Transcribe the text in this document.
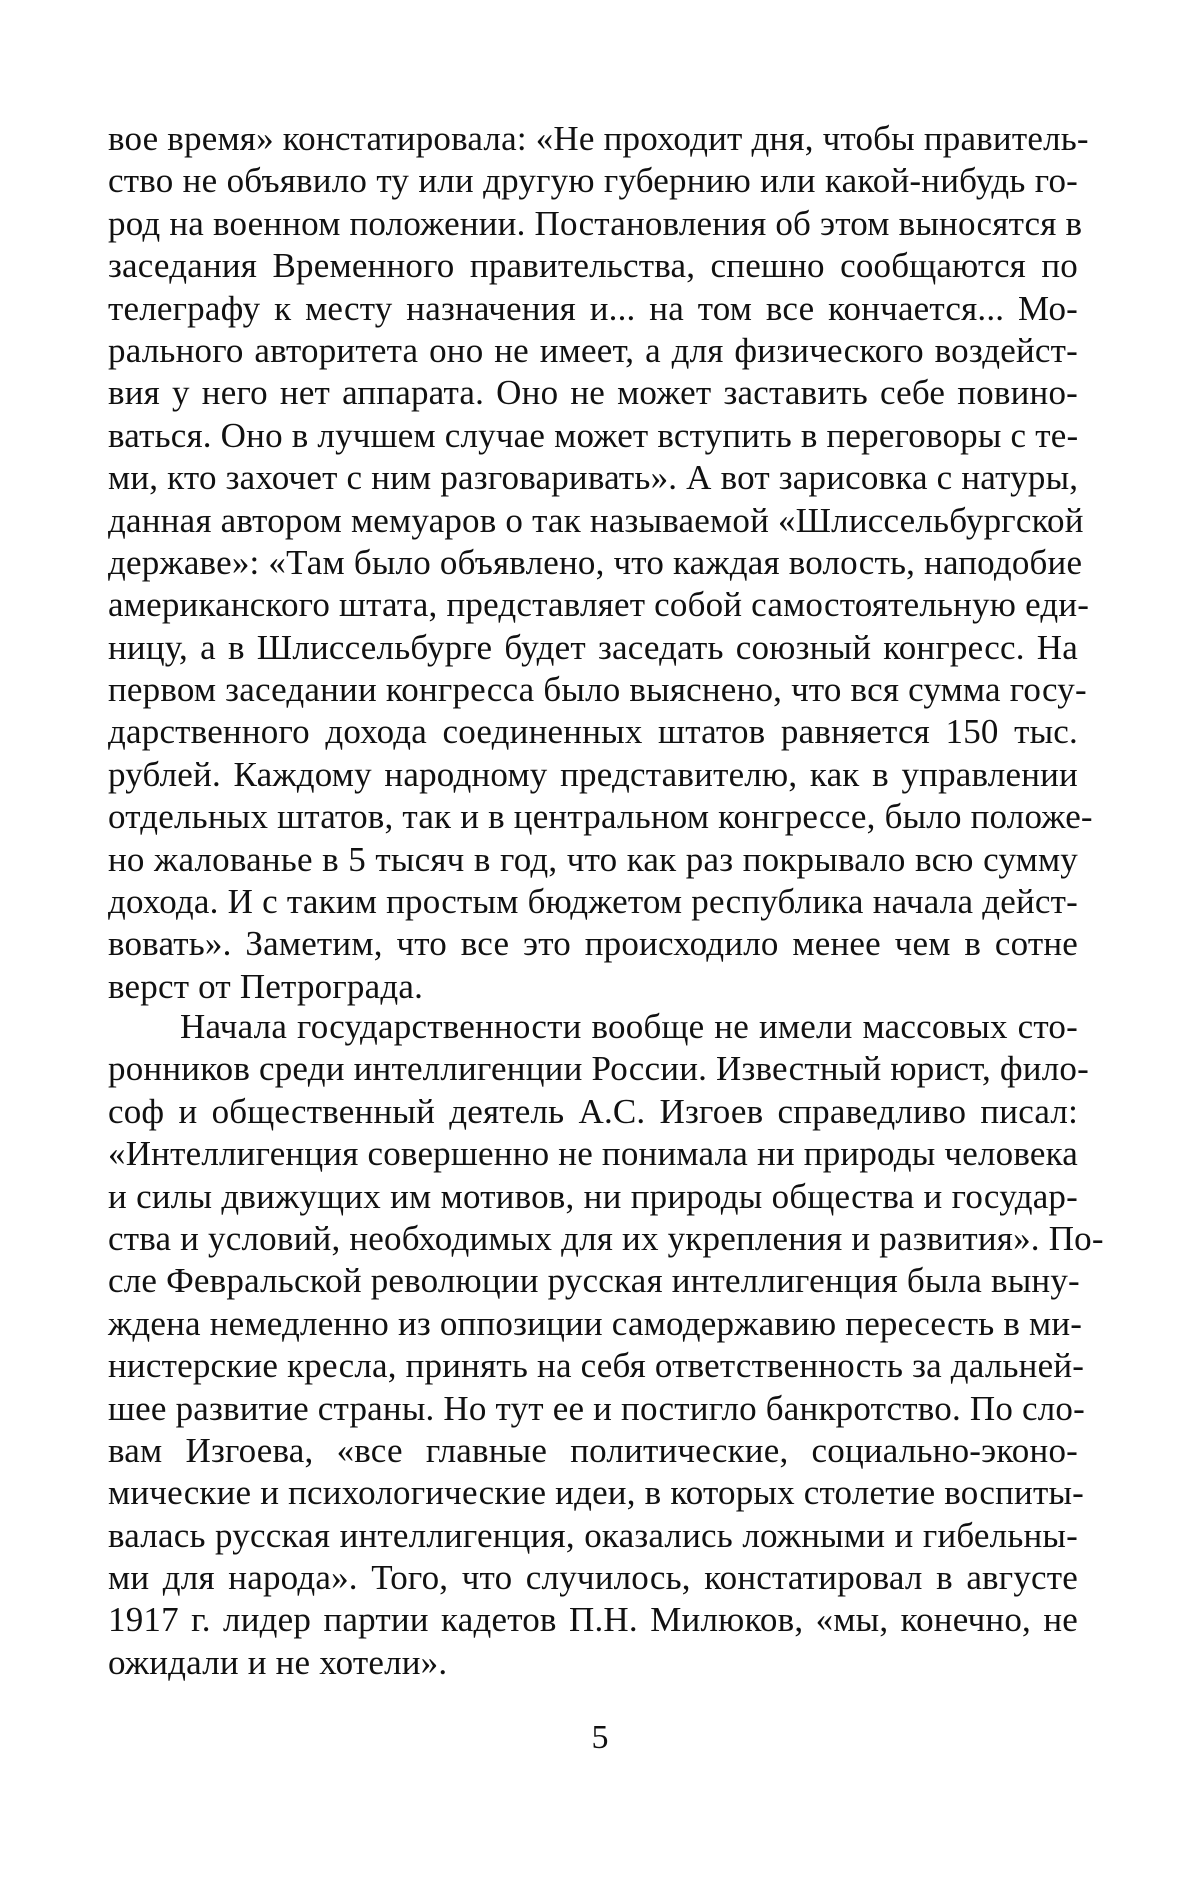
вое время» констатировала: «Не проходит дня, чтобы правитель-
ство не объявило ту или другую губернию или какой-нибудь го-
род на военном положении. Постановления об этом выносятся в
заседания Временного правительства, спешно сообщаются по
телеграфу к месту назначения и... на том все кончается... Мо-
рального авторитета оно не имеет, а для физического воздейст-
вия у него нет аппарата. Оно не может заставить себе повино-
ваться. Оно в лучшем случае может вступить в переговоры с те-
ми, кто захочет с ним разговаривать». А вот зарисовка с натуры,
данная автором мемуаров о так называемой «Шлиссельбургской
державе»: «Там было объявлено, что каждая волость, наподобие
американского штата, представляет собой самостоятельную еди-
ницу, а в Шлиссельбурге будет заседать союзный конгресс. На
первом заседании конгресса было выяснено, что вся сумма госу-
дарственного дохода соединенных штатов равняется 150 тыс.
рублей. Каждому народному представителю, как в управлении
отдельных штатов, так и в центральном конгрессе, было положе-
но жалованье в 5 тысяч в год, что как раз покрывало всю сумму
дохода. И с таким простым бюджетом республика начала дейст-
вовать». Заметим, что все это происходило менее чем в сотне
верст от Петрограда.
Начала государственности вообще не имели массовых сто-
ронников среди интеллигенции России. Известный юрист, фило-
соф и общественный деятель А.С. Изгоев справедливо писал:
«Интеллигенция совершенно не понимала ни природы человека
и силы движущих им мотивов, ни природы общества и государ-
ства и условий, необходимых для их укрепления и развития». По-
сле Февральской революции русская интеллигенция была выну-
ждена немедленно из оппозиции самодержавию пересесть в ми-
нистерские кресла, принять на себя ответственность за дальней-
шее развитие страны. Но тут ее и постигло банкротство. По сло-
вам Изгоева, «все главные политические, социально-эконо-
мические и психологические идеи, в которых столетие воспиты-
валась русская интеллигенция, оказались ложными и гибельны-
ми для народа». Того, что случилось, констатировал в августе
1917 г. лидер партии кадетов П.Н. Милюков, «мы, конечно, не
ожидали и не хотели».
5
